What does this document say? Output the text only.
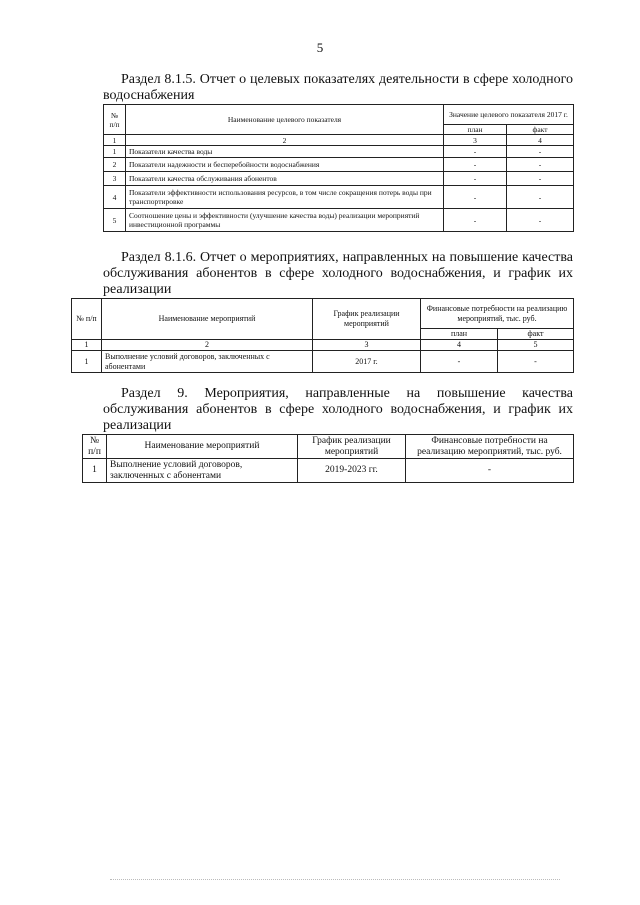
5
Раздел 8.1.5. Отчет о целевых показателях деятельности в сфере холодного водоснабжения
№ п/п	Наименование целевого показателя	Значение целевого показателя 2017 г.	
		план	факт
1	2	3	4
1	Показатели качества воды	-	-
2	Показатели надежности и бесперебойности водоснабжения	-	-
3	Показатели качества обслуживания абонентов	-	-
4	Показатели эффективности использования ресурсов, в том числе сокращения потерь воды при транспортировке	-	-
5	Соотношение цены и эффективности (улучшение качества воды) реализации мероприятий инвестиционной программы	-	-
Раздел 8.1.6. Отчет о мероприятиях, направленных на повышение качества обслуживания абонентов в сфере холодного водоснабжения, и график их реализации
№ п/п	Наименование мероприятий	График реализации мероприятий	Финансовые потребности на реализацию мероприятий, тыс. руб.	
			план	факт
1	2	3	4	5
1	Выполнение условий договоров, заключенных с абонентами	2017 г.	-	-
Раздел 9. Мероприятия, направленные на повышение качества обслуживания абонентов в сфере холодного водоснабжения, и график их реализации
№ п/п	Наименование мероприятий	График реализации мероприятий	Финансовые потребности на реализацию мероприятий, тыс. руб.
1	Выполнение условий договоров, заключенных с абонентами	2019-2023 гг.	-
